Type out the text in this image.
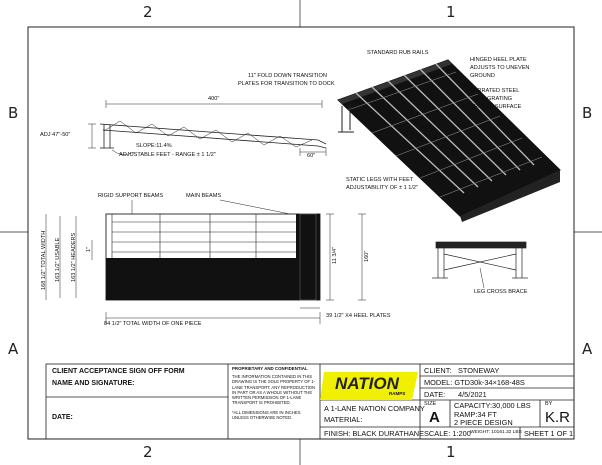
2	1
2	1
B
A
B
A
400"
ADJ 47"-50"
SLOPE:11.4%
ADJUSTABLE FEET - RANGE ± 1 1/2"	60"
STANDARD RUB RAILS
HINGED HEEL PLATE
ADJUSTS TO UNEVEN
GROUND
SERRATED STEEL
BAR GRATING
DRIVING SURFACE
11" FOLD DOWN TRANSITION
PLATES FOR TRANSITION TO DOCK
STATIC LEGS WITH FEET
ADJUSTABILITY OF ± 1 1/2"
RIGID SUPPORT BEAMS	MAIN BEAMS
168 1/2" TOTAL WIDTH 163 1/2" USABLE 163 1/2" HEADERS 1"
84 1/2" TOTAL WIDTH OF ONE PIECE
39 1/2" X4 HEEL PLATES
160"
11 3/4"
LEG CROSS BRACE
CLIENT ACCEPTANCE SIGN OFF FORM
NAME AND SIGNATURE:
DATE:
PROPRIETARY AND CONFIDENTIAL
THE INFORMATION CONTAINED IN THIS DRAWING IS THE SOLE PROPERTY OF 1-LANE TRANSPORT. ANY REPRODUCTION IN PART OR AS A WHOLE WITHOUT THE WRITTEN PERMISSION OF 1-LANE TRANSPORT IS PROHIBITED.
*ALL DIMENSIONS ARE IN INCHES UNLESS OTHERWISE NOTED.
NATION
RAMPS
A 1-LANE NATION COMPANY
MATERIAL:
FINISH: BLACK DURATHANE
CLIENT: STONEWAY
MODEL: GTD30k-34×168-48S
DATE: 4/5/2021
SIZE
A
CAPACITY:30,000 LBS
RAMP:34 FT
2 PIECE DESIGN
BY
K.R
SCALE: 1:200 WEIGHT: 10161.32 LBS SHEET 1 OF 1
